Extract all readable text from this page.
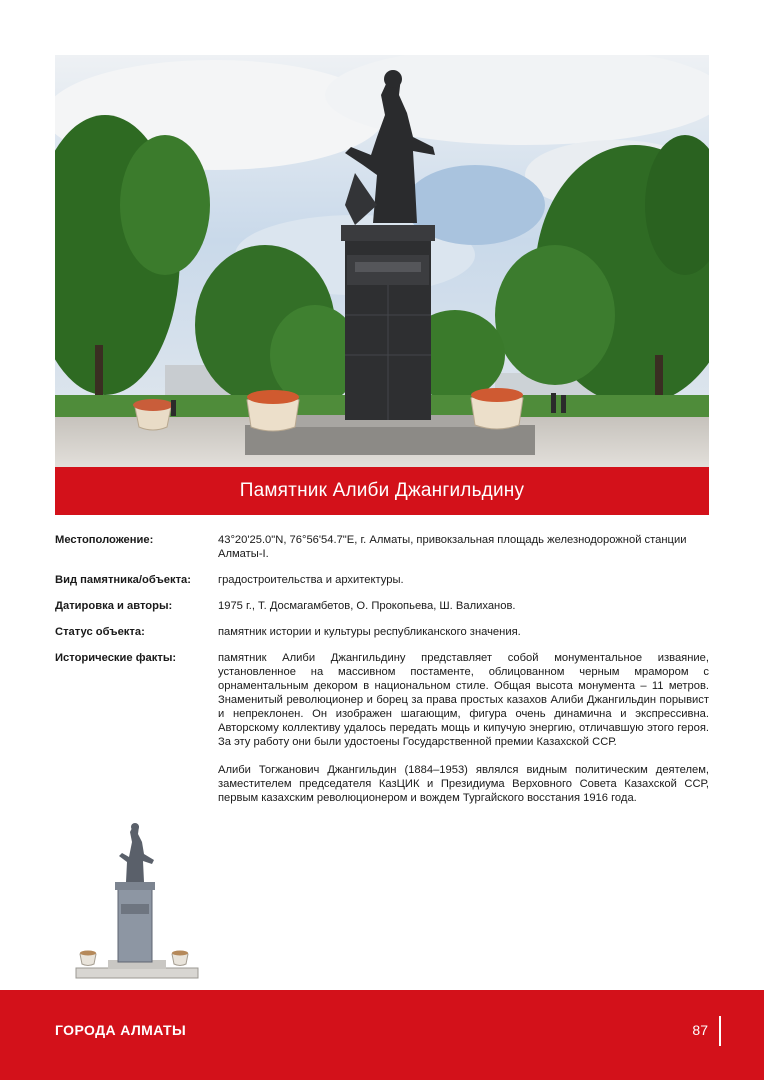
Памятник Алиби Джангильдину
Местоположение:	43°20'25.0"N, 76°56'54.7"E, г. Алматы, привокзальная площадь железнодорожной станции Алматы-I.
Вид памятника/объекта:	градостроительства и архитектуры.
Датировка и авторы:	1975 г., Т. Досмагамбетов, О. Прокопьева, Ш. Валиханов.
Статус объекта:	памятник истории и культуры республиканского значения.
Исторические факты:	памятник Алиби Джангильдину представляет собой монументальное изваяние, установленное на массивном постаменте, облицованном черным мрамором с орнаментальным декором в национальном стиле. Общая высота монумента – 11 метров. Знаменитый революционер и борец за права простых казахов Алиби Джангильдин порывист и непреклонен. Он изображен шагающим, фигура очень динамична и экспрессивна. Авторскому коллективу удалось передать мощь и кипучую энергию, отличавшую этого героя. За эту работу они были удостоены Государственной премии Казахской ССР.

Алиби Тогжанович Джангильдин (1884–1953) являлся видным политическим деятелем, заместителем председателя КазЦИК и Президиума Верховного Совета Казахской ССР, первым казахским революционером и вождем Тургайского восстания 1916 года.

ГОРОДА АЛМАТЫ	87
